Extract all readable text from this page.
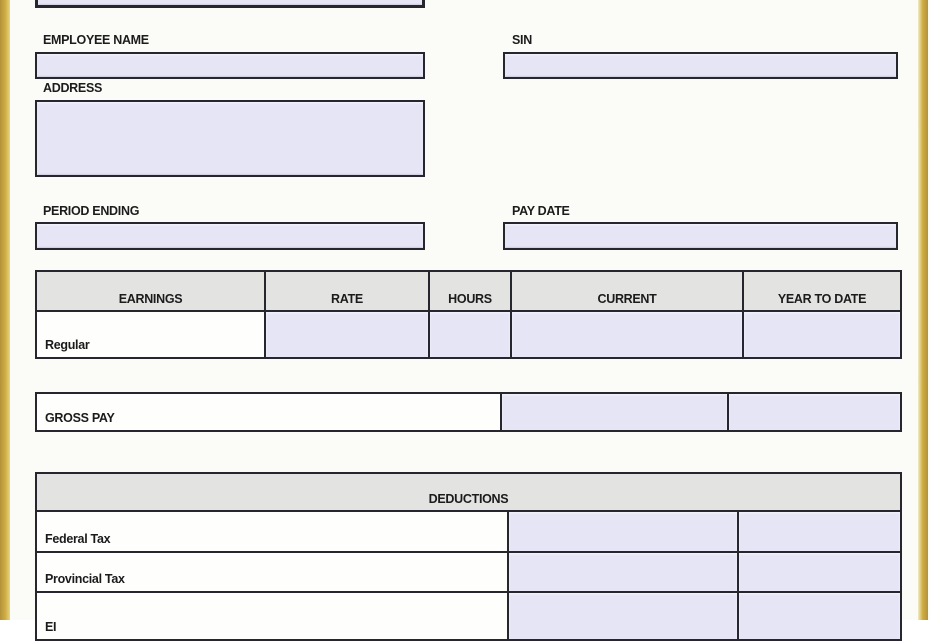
EMPLOYEE NAME	SIN
ADDRESS
PERIOD ENDING	PAY DATE
EARNINGS	RATE	HOURS	CURRENT	YEAR TO DATE
Regular				
GROSS PAY		
DEDUCTIONS		
Federal Tax		
Provincial Tax		
EI		
